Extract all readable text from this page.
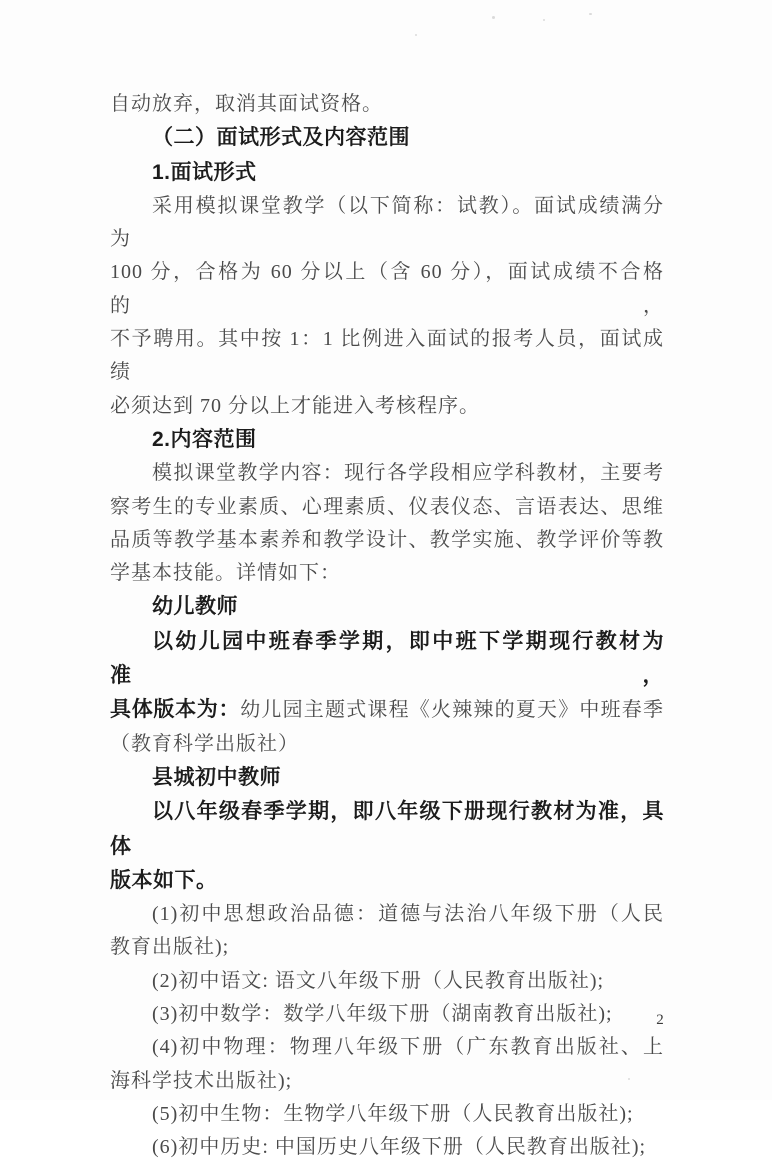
自动放弃，取消其面试资格。
（二）面试形式及内容范围
1.面试形式
采用模拟课堂教学（以下简称：试教）。面试成绩满分为
100 分，合格为 60 分以上（含 60 分），面试成绩不合格的，
不予聘用。其中按 1：1 比例进入面试的报考人员，面试成绩
必须达到 70 分以上才能进入考核程序。
2.内容范围
模拟课堂教学内容：现行各学段相应学科教材，主要考
察考生的专业素质、心理素质、仪表仪态、言语表达、思维
品质等教学基本素养和教学设计、教学实施、教学评价等教
学基本技能。详情如下：
幼儿教师
以幼儿园中班春季学期，即中班下学期现行教材为准，
具体版本为：幼儿园主题式课程《火辣辣的夏天》中班春季
（教育科学出版社）
县城初中教师
以八年级春季学期，即八年级下册现行教材为准，具体
版本如下。
(1)初中思想政治品德：道德与法治八年级下册（人民
教育出版社);
(2)初中语文: 语文八年级下册（人民教育出版社);
(3)初中数学：数学八年级下册（湖南教育出版社);
(4)初中物理：物理八年级下册（广东教育出版社、上
海科学技术出版社);
(5)初中生物：生物学八年级下册（人民教育出版社);
(6)初中历史: 中国历史八年级下册（人民教育出版社);
2
